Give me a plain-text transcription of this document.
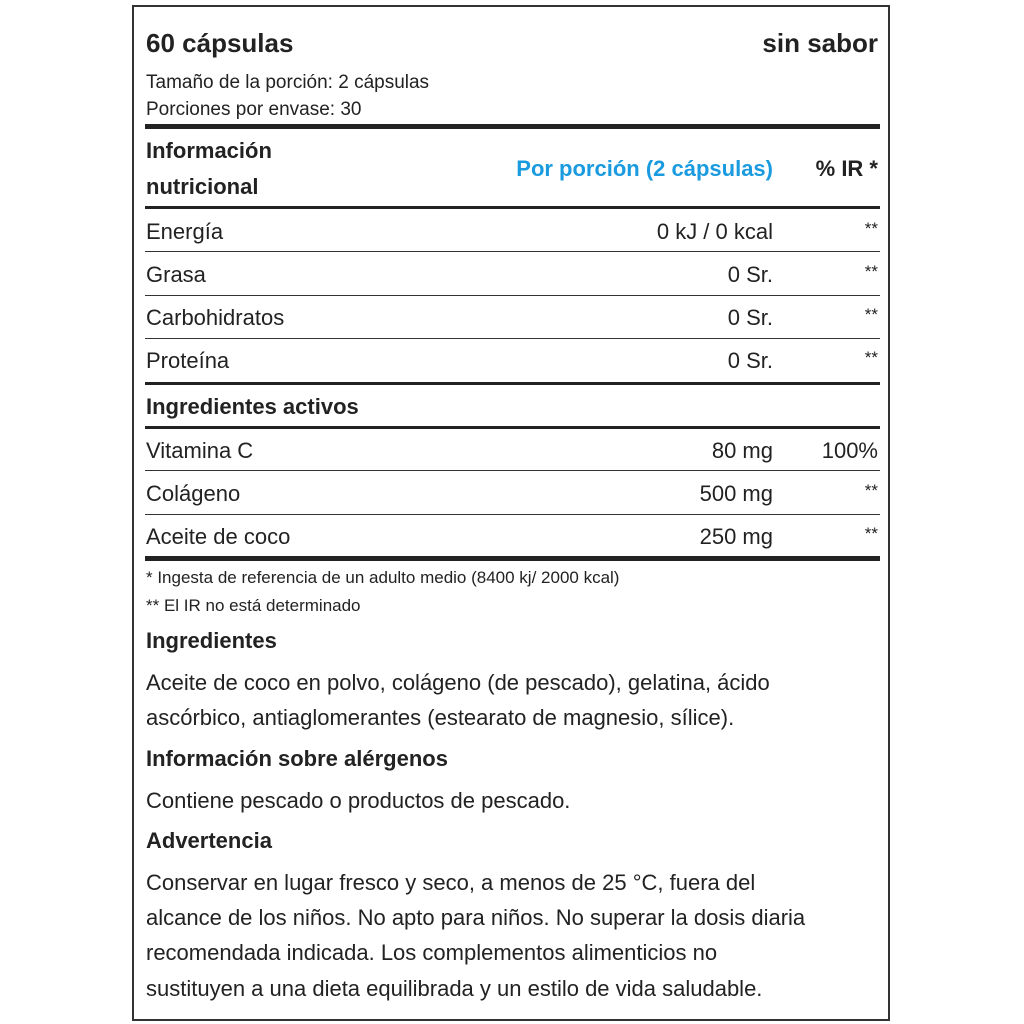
60 cápsulas	sin sabor
Tamaño de la porción: 2 cápsulas
Porciones por envase: 30
Información
nutricional
Por porción (2 cápsulas) % IR *
Energía	0 kJ / 0 kcal	**
Grasa	0 Sr.	**
Carbohidratos	0 Sr.	**
Proteína	0 Sr.	**
Ingredientes activos
Vitamina C	80 mg 100%
Colágeno	500 mg	**
Aceite de coco	250 mg	**
* Ingesta de referencia de un adulto medio (8400 kj/ 2000 kcal)
** El IR no está determinado
Ingredientes
Aceite de coco en polvo, colágeno (de pescado), gelatina, ácido
ascórbico, antiaglomerantes (estearato de magnesio, sílice).
Información sobre alérgenos
Contiene pescado o productos de pescado.
Advertencia
Conservar en lugar fresco y seco, a menos de 25 °C, fuera del
alcance de los niños. No apto para niños. No superar la dosis diaria
recomendada indicada. Los complementos alimenticios no
sustituyen a una dieta equilibrada y un estilo de vida saludable.
